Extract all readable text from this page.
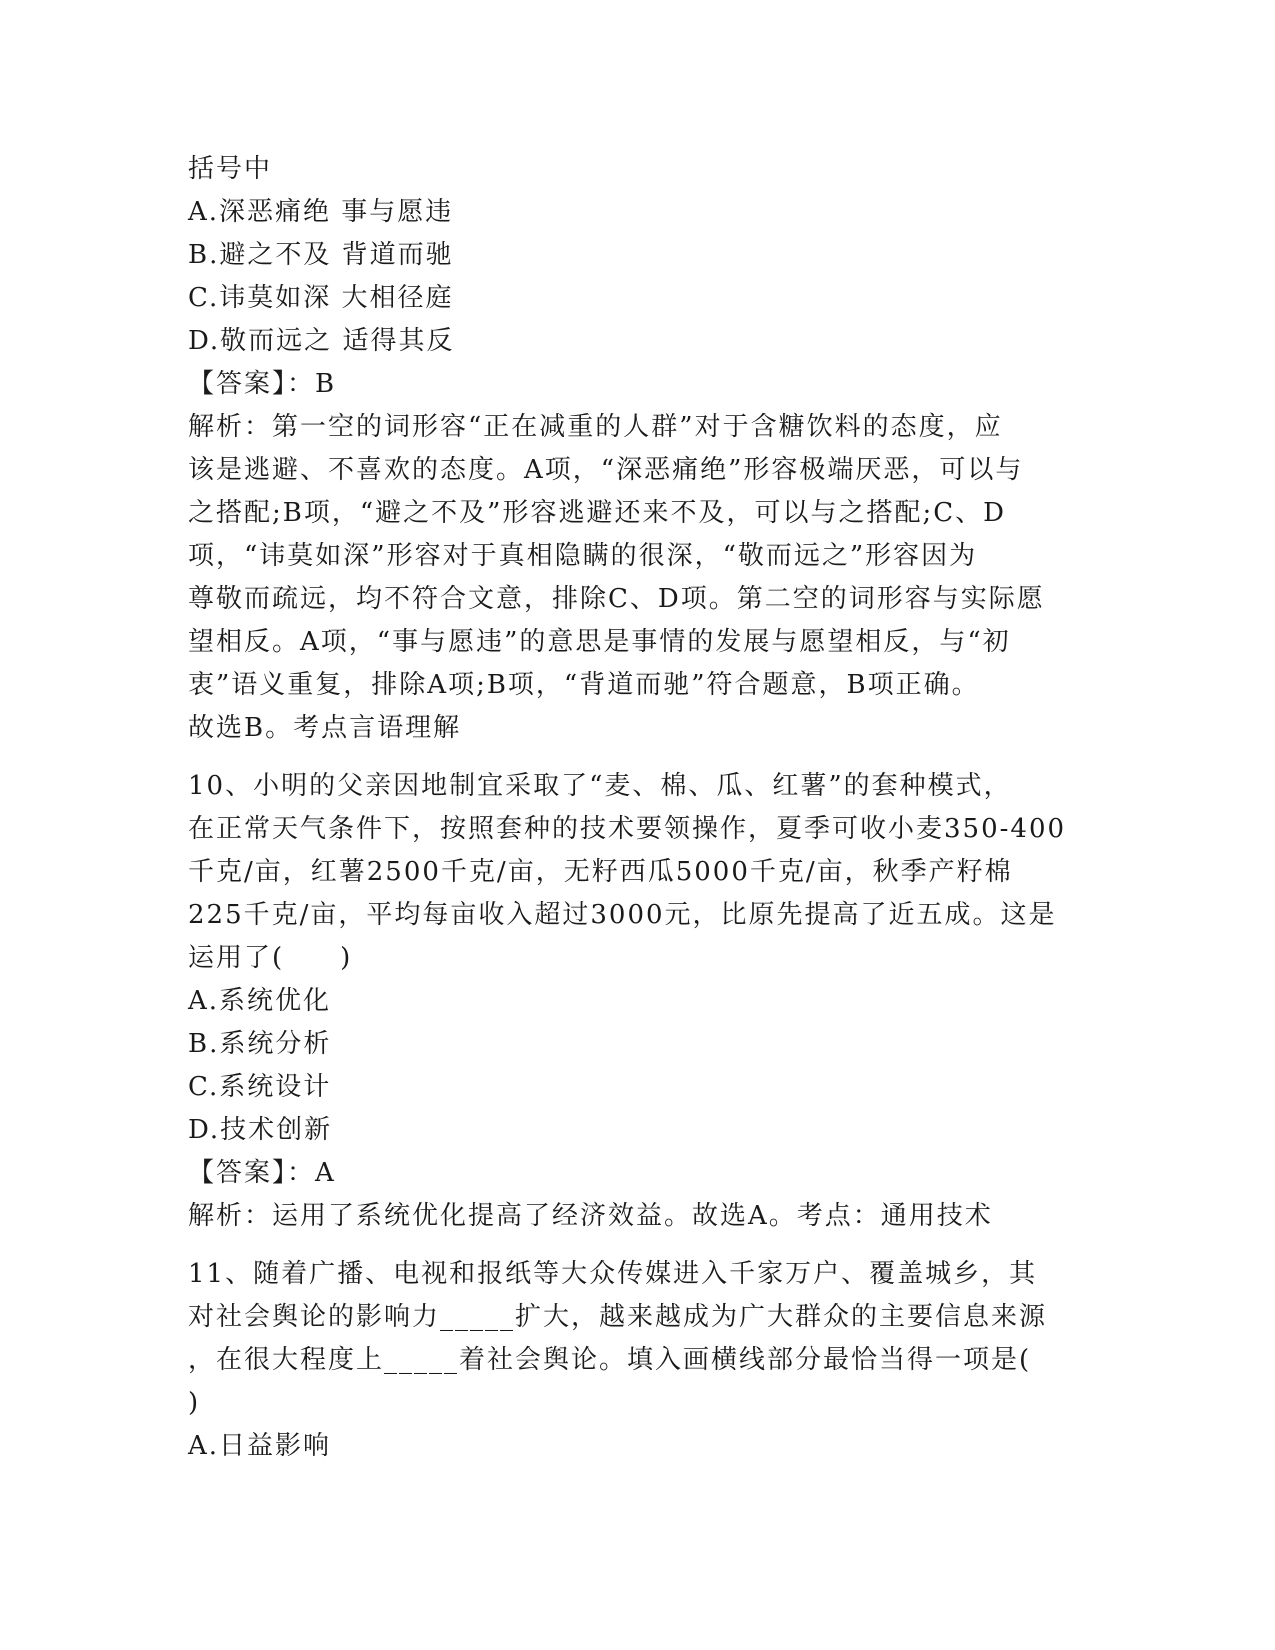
括号中
A.深恶痛绝 事与愿违
B.避之不及 背道而驰
C.讳莫如深 大相径庭
D.敬而远之 适得其反
【答案】：B
解析：第一空的词形容“正在减重的人群”对于含糖饮料的态度，应
该是逃避、不喜欢的态度。A项，“深恶痛绝”形容极端厌恶，可以与
之搭配;B项，“避之不及”形容逃避还来不及，可以与之搭配;C、D
项，“讳莫如深”形容对于真相隐瞒的很深，“敬而远之”形容因为
尊敬而疏远，均不符合文意，排除C、D项。第二空的词形容与实际愿
望相反。A项，“事与愿违”的意思是事情的发展与愿望相反，与“初
衷”语义重复，排除A项;B项，“背道而驰”符合题意，B项正确。
故选B。考点言语理解
10、小明的父亲因地制宜采取了“麦、棉、瓜、红薯”的套种模式，
在正常天气条件下，按照套种的技术要领操作，夏季可收小麦350-400
千克/亩，红薯2500千克/亩，无籽西瓜5000千克/亩，秋季产籽棉
225千克/亩，平均每亩收入超过3000元，比原先提高了近五成。这是
运用了(　　)
A.系统优化
B.系统分析
C.系统设计
D.技术创新
【答案】：A
解析：运用了系统优化提高了经济效益。故选A。考点：通用技术
11、随着广播、电视和报纸等大众传媒进入千家万户、覆盖城乡，其
对社会舆论的影响力_____扩大，越来越成为广大群众的主要信息来源
，在很大程度上_____着社会舆论。填入画横线部分最恰当得一项是(
)
A.日益影响
